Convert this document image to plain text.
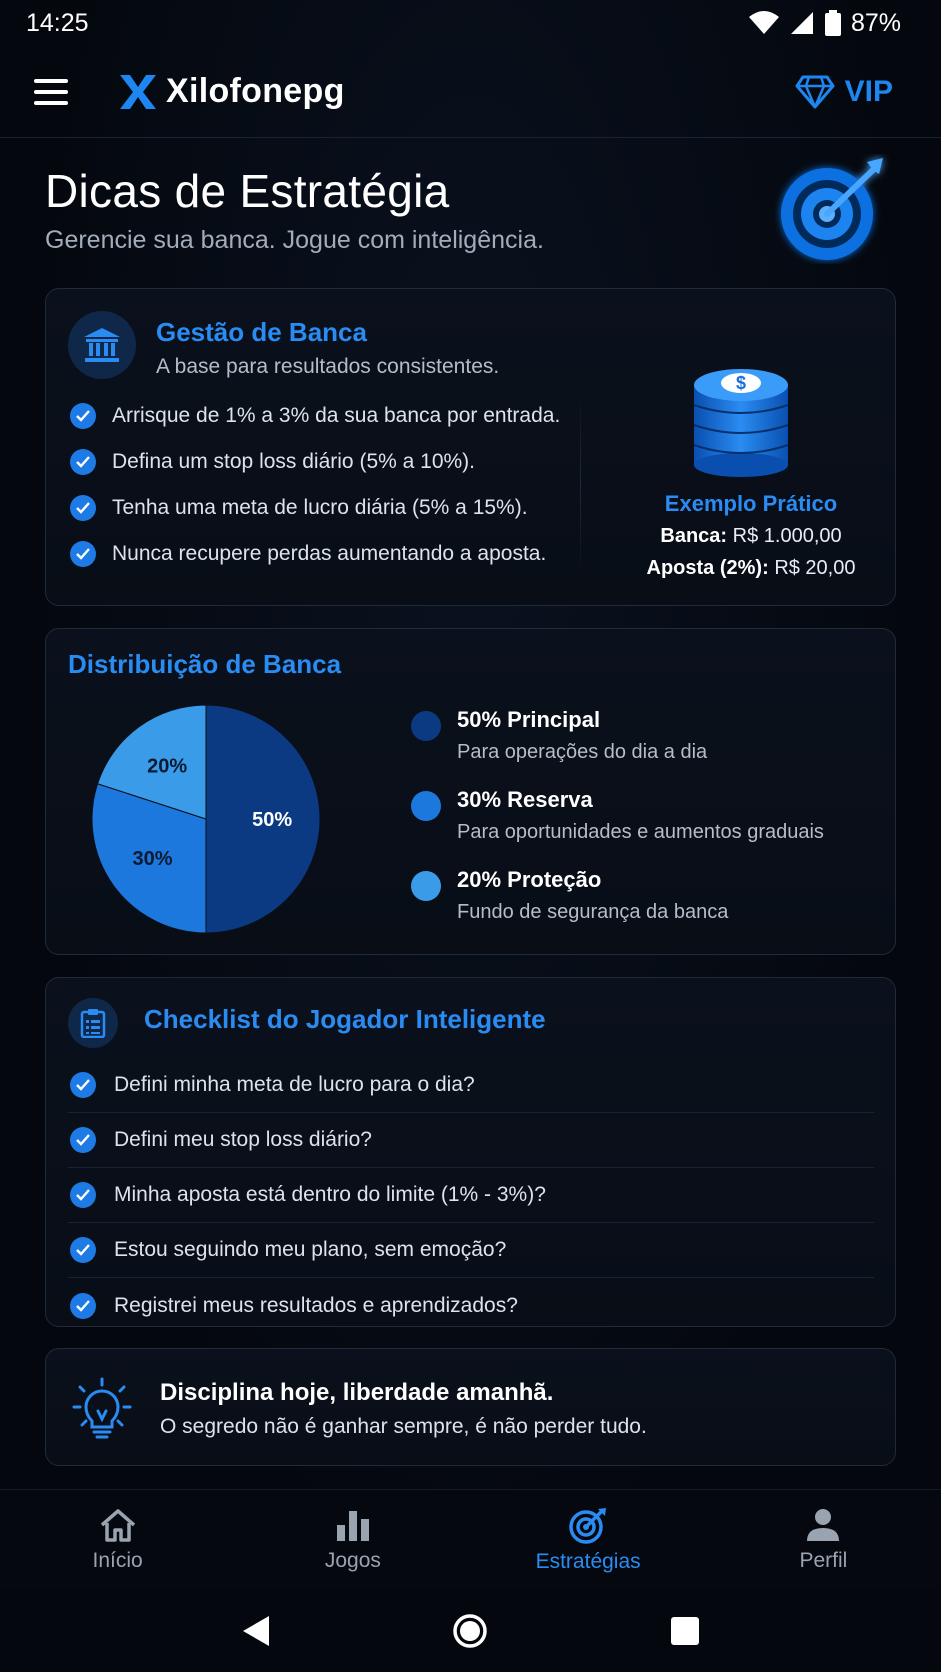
14:25	87%
Xilofonepg	VIP
Dicas de Estratégia

Gerencie sua banca. Jogue com inteligência.

Gestão de Banca
A base para resultados consistentes.
Arrisque de 1% a 3% da sua banca por entrada.
Defina um stop loss diário (5% a 10%).
Tenha uma meta de lucro diária (5% a 15%).
Nunca recupere perdas aumentando a aposta.
$
Exemplo Prático
Banca: R$ 1.000,00
Aposta (2%): R$ 20,00
Distribuição de Banca
50%
30%
20%
50% Principal
Para operações do dia a dia
30% Reserva
Para oportunidades e aumentos graduais
20% Proteção
Fundo de segurança da banca
Checklist do Jogador Inteligente
Defini minha meta de lucro para o dia?
Defini meu stop loss diário?
Minha aposta está dentro do limite (1% - 3%)?
Estou seguindo meu plano, sem emoção?
Registrei meus resultados e aprendizados?
Disciplina hoje, liberdade amanhã.
O segredo não é ganhar sempre, é não perder tudo.
Início	Jogos	Estratégias	Perfil
